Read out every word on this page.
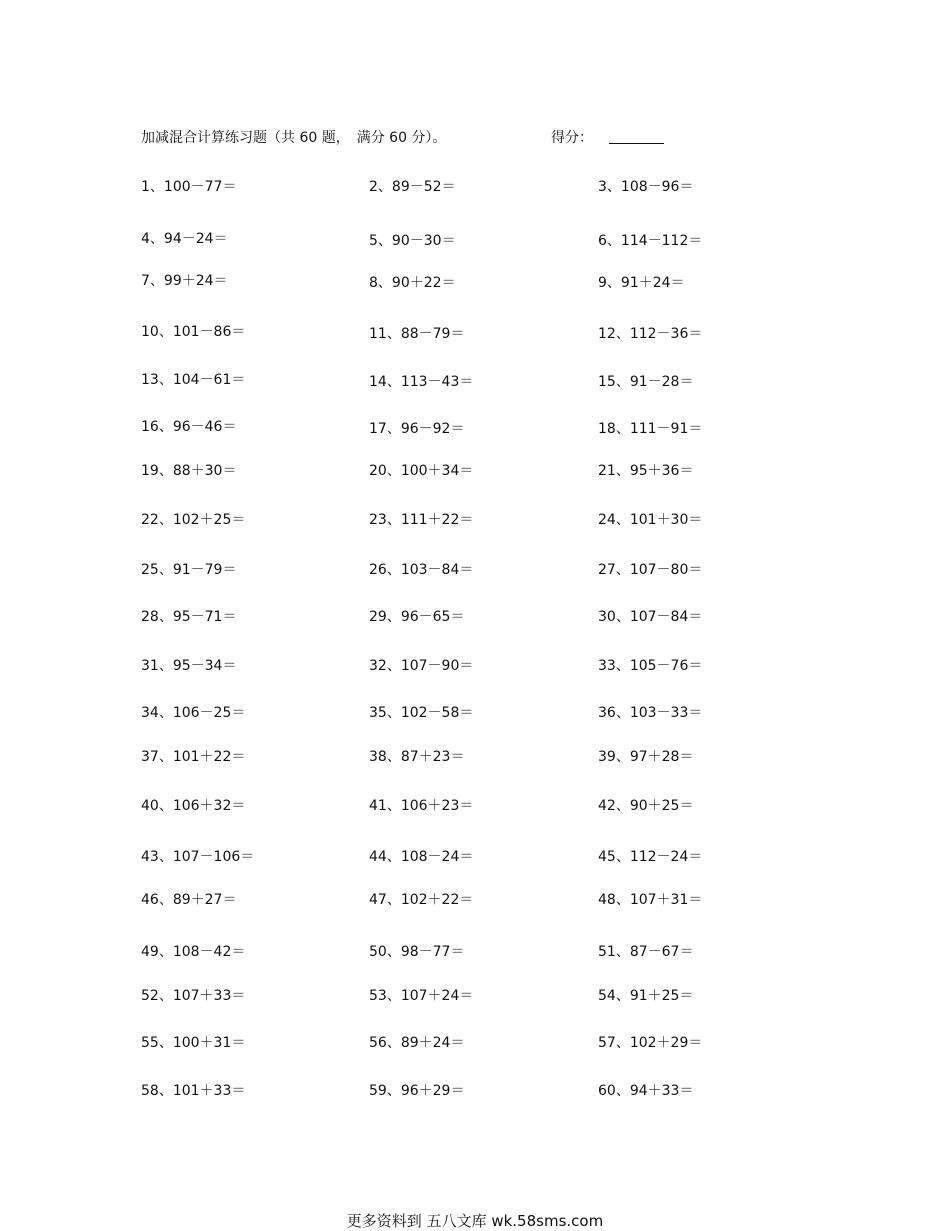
加减混合计算练习题（共 60 题，　满分 60 分）。	得分：
1、100－77＝	2、89－52＝	3、108－96＝
4、94－24＝	5、90－30＝	6、114－112＝
7、99＋24＝	8、90＋22＝	9、91＋24＝
10、101－86＝	11、88－79＝	12、112－36＝
13、104－61＝	14、113－43＝	15、91－28＝
16、96－46＝	17、96－92＝	18、111－91＝
19、88＋30＝	20、100＋34＝	21、95＋36＝
22、102＋25＝	23、111＋22＝	24、101＋30＝
25、91－79＝	26、103－84＝	27、107－80＝
28、95－71＝	29、96－65＝	30、107－84＝
31、95－34＝	32、107－90＝	33、105－76＝
34、106－25＝	35、102－58＝	36、103－33＝
37、101＋22＝	38、87＋23＝	39、97＋28＝
40、106＋32＝	41、106＋23＝	42、90＋25＝
43、107－106＝	44、108－24＝	45、112－24＝
46、89＋27＝	47、102＋22＝	48、107＋31＝
49、108－42＝	50、98－77＝	51、87－67＝
52、107＋33＝	53、107＋24＝	54、91＋25＝
55、100＋31＝	56、89＋24＝	57、102＋29＝
58、101＋33＝	59、96＋29＝	60、94＋33＝
更多资料到 五八文库 wk.58sms.com
